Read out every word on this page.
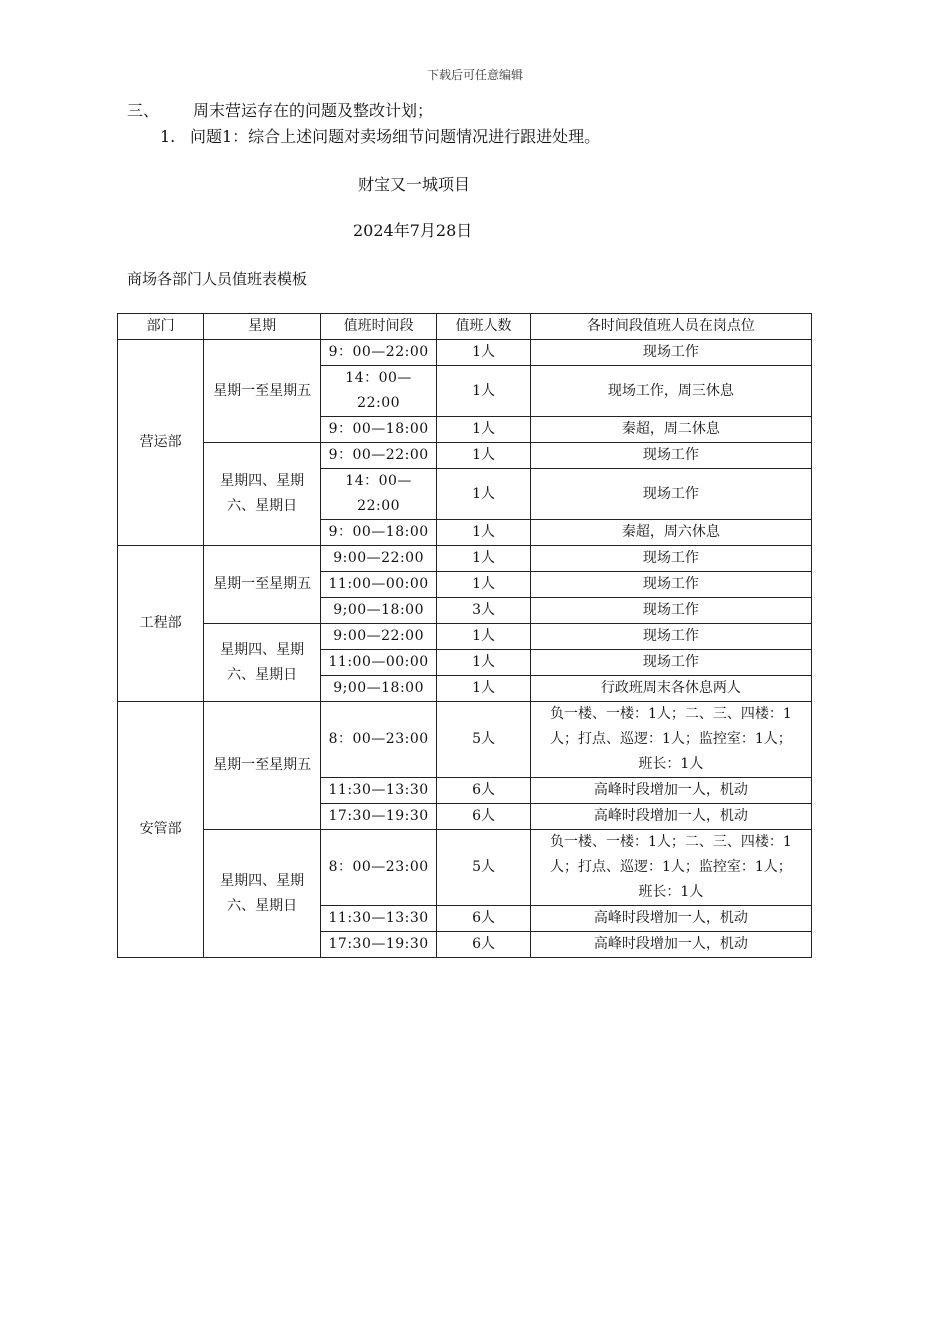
下载后可任意编辑
三、 周末营运存在的问题及整改计划；
1. 问题1：综合上述问题对卖场细节问题情况进行跟进处理。
财宝又一城项目
2024年7月28日
商场各部门人员值班表模板
部门	星期	值班时间段	值班人数	各时间段值班人员在岗点位
营运部	星期一至星期五	9：00—22:00	1人	现场工作
		14：00—22:00	1人	现场工作，周三休息
		9：00—18:00	1人	秦超，周二休息
	星期四、星期六、星期日	9：00—22:00	1人	现场工作
		14：00—22:00	1人	现场工作
		9：00—18:00	1人	秦超，周六休息
工程部	星期一至星期五	9:00—22:00	1人	现场工作
		11:00—00:00	1人	现场工作
		9;00—18:00	3人	现场工作
	星期四、星期六、星期日	9:00—22:00	1人	现场工作
		11:00—00:00	1人	现场工作
		9;00—18:00	1人	行政班周末各休息两人
安管部	星期一至星期五	8：00—23:00	5人	负一楼、一楼：1人；二、三、四楼：1人；打点、巡逻：1人；监控室：1人；班长：1人
		11:30—13:30	6人	高峰时段增加一人，机动
		17:30—19:30	6人	高峰时段增加一人，机动
	星期四、星期六、星期日	8：00—23:00	5人	负一楼、一楼：1人；二、三、四楼：1人；打点、巡逻：1人；监控室：1人；班长：1人
		11:30—13:30	6人	高峰时段增加一人，机动
		17:30—19:30	6人	高峰时段增加一人，机动
